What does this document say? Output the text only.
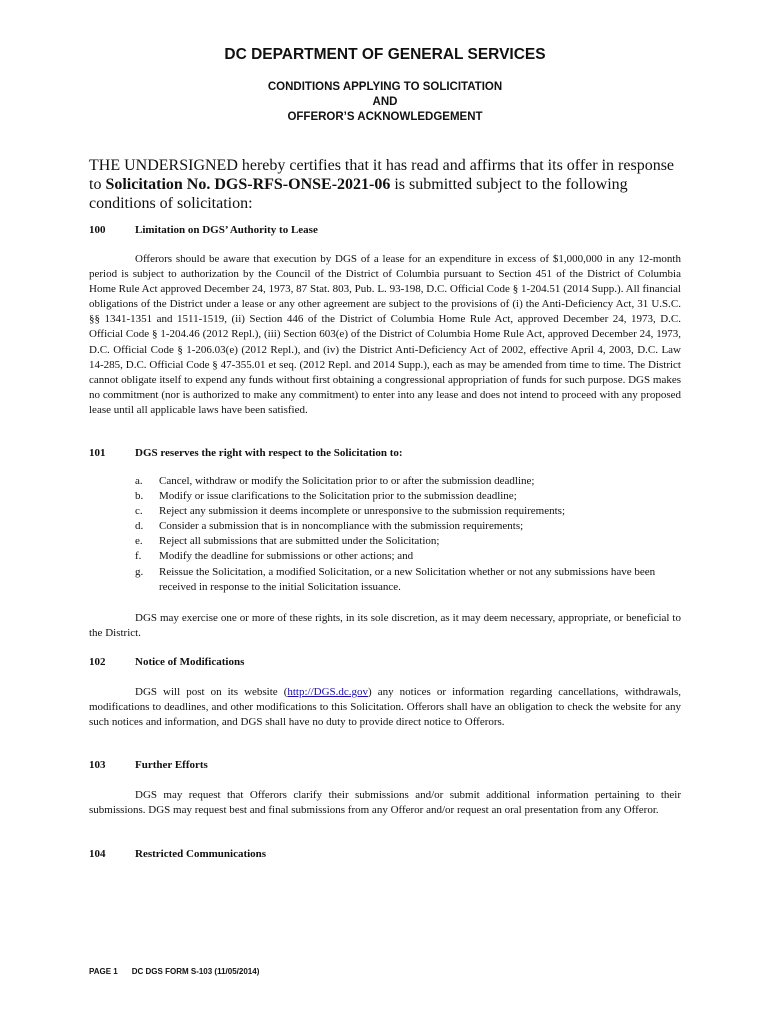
DC DEPARTMENT OF GENERAL SERVICES
CONDITIONS APPLYING TO SOLICITATION
AND
OFFEROR’S ACKNOWLEDGEMENT
THE UNDERSIGNED hereby certifies that it has read and affirms that its offer in response to Solicitation No. DGS-RFS-ONSE-2021-06 is submitted subject to the following conditions of solicitation:
100	Limitation on DGS’ Authority to Lease
Offerors should be aware that execution by DGS of a lease for an expenditure in excess of $1,000,000 in any 12-month period is subject to authorization by the Council of the District of Columbia pursuant to Section 451 of the District of Columbia Home Rule Act approved December 24, 1973, 87 Stat. 803, Pub. L. 93-198, D.C. Official Code § 1-204.51 (2014 Supp.). All financial obligations of the District under a lease or any other agreement are subject to the provisions of (i) the Anti-Deficiency Act, 31 U.S.C. §§ 1341-1351 and 1511-1519, (ii) Section 446 of the District of Columbia Home Rule Act, approved December 24, 1973, D.C. Official Code § 1-204.46 (2012 Repl.), (iii) Section 603(e) of the District of Columbia Home Rule Act, approved December 24, 1973, D.C. Official Code § 1-206.03(e) (2012 Repl.), and (iv) the District Anti-Deficiency Act of 2002, effective April 4, 2003, D.C. Law 14-285, D.C. Official Code § 47-355.01 et seq. (2012 Repl. and 2014 Supp.), each as may be amended from time to time. The District cannot obligate itself to expend any funds without first obtaining a congressional appropriation of funds for such purpose. DGS makes no commitment (nor is authorized to make any commitment) to enter into any lease and does not intend to proceed with any proposed lease until all applicable laws have been satisfied.
101	DGS reserves the right with respect to the Solicitation to:
a.	Cancel, withdraw or modify the Solicitation prior to or after the submission deadline;
b.	Modify or issue clarifications to the Solicitation prior to the submission deadline;
c.	Reject any submission it deems incomplete or unresponsive to the submission requirements;
d.	Consider a submission that is in noncompliance with the submission requirements;
e.	Reject all submissions that are submitted under the Solicitation;
f.	Modify the deadline for submissions or other actions; and
g.	Reissue the Solicitation, a modified Solicitation, or a new Solicitation whether or not any submissions have been received in response to the initial Solicitation issuance.
DGS may exercise one or more of these rights, in its sole discretion, as it may deem necessary, appropriate, or beneficial to the District.
102	Notice of Modifications
DGS will post on its website (http://DGS.dc.gov) any notices or information regarding cancellations, withdrawals, modifications to deadlines, and other modifications to this Solicitation. Offerors shall have an obligation to check the website for any such notices and information, and DGS shall have no duty to provide direct notice to Offerors.
103	Further Efforts
DGS may request that Offerors clarify their submissions and/or submit additional information pertaining to their submissions. DGS may request best and final submissions from any Offeror and/or request an oral presentation from any Offeror.
104	Restricted Communications
PAGE 1 DC DGS FORM S-103 (11/05/2014)
